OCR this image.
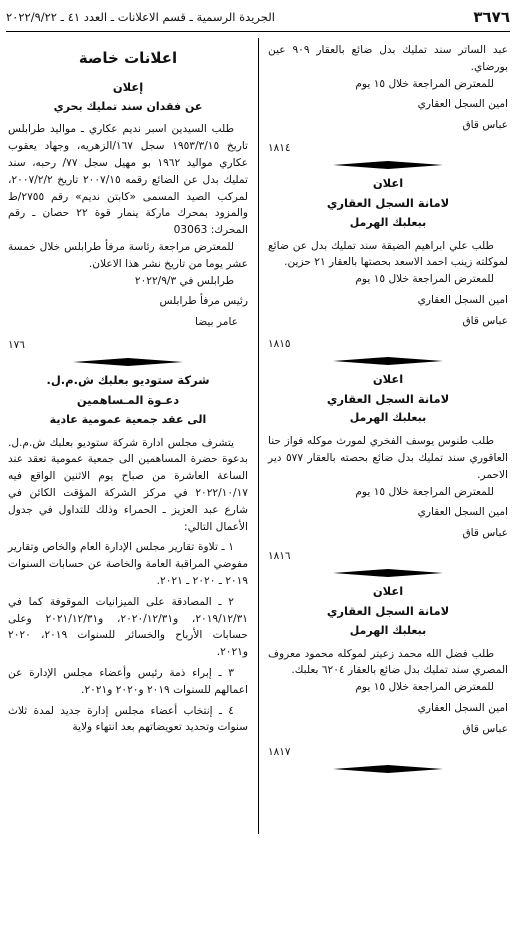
٣٦٧٦
الجريدة الرسمية ـ قسم الاعلانات ـ العدد ٤١ ـ ٢٠٢٢/٩/٢٢

عبد الساتر سند تمليك بدل ضائع بالعقار ٩٠٩ عين بورضاي.

للمعترض المراجعة خلال ١٥ يوم

امين السجل العقاري
عباس قاق
١٨١٤
اعلان
لامانة السجل العقاري
ببعلبك الهرمل

طلب علي ابراهيم الضيقة سند تمليك بدل عن ضائع لموكلته زينب احمد الاسعد بحصتها بالعقار ٢١ حزين.

للمعترض المراجعة خلال ١٥ يوم

امين السجل العقاري
عباس قاق
١٨١٥
اعلان
لامانة السجل العقاري
ببعلبك الهرمل

طلب طنوس يوسف الفخري لمورث موكله فواز حنا العاقوري سند تمليك بدل ضائع بحصته بالعقار ٥٧٧ دير الاحمر.

للمعترض المراجعة خلال ١٥ يوم

امين السجل العقاري
عباس قاق
١٨١٦
اعلان
لامانة السجل العقاري
ببعلبك الهرمل

طلب فضل الله محمد زعيتر لموكله محمود معروف المصري سند تمليك بدل ضائع بالعقار ٦٢٠٤ بعلبك.

للمعترض المراجعة خلال ١٥ يوم

امين السجل العقاري
عباس قاق
١٨١٧
اعلانات خاصة
إعلان
عن فقدان سند تمليك بحري

طلب السيدين اسبر نديم عكاري ـ مواليد طرابلس تاريخ ١٩٥٣/٣/١٥ سجل ١٦٧/الزهريه، وجهاد يعقوب عكاري مواليد ١٩٦٢ بو مهيل سجل ٧٧/ رحبه، سند تمليك بدل عن الضائع رقمه ٢٠٠٧/١٥ تاريخ ٢٠٠٧/٢/٢، لمركب الصيد المسمى «كابتن نديم» رقم ٢٧٥٥/ط والمزود بمحرك ماركة ينمار قوة ٢٢ حصان ـ رقم المحرك: 03063

للمعترض مراجعة رئاسة مرفأ طرابلس خلال خمسة عشر يوما من تاريخ نشر هذا الاعلان.

طرابلس في ٢٠٢٢/٩/٣

رئيس مرفأ طرابلس
عامر بيضا
١٧٦
شركة ستوديو بعلبك ش.م.ل.
دعـوة المـساهمين
الى عقد جمعية عمومية عادية

يتشرف مجلس ادارة شركة ستوديو بعلبك ش.م.ل. بدعوة حضرة المساهمين الى جمعية عمومية تعقد عند الساعة العاشرة من صباح يوم الاثنين الواقع فيه ٢٠٢٢/١٠/١٧ في مركز الشركة المؤقت الكائن في شارع عبد العزيز ـ الحمراء وذلك للتداول في جدول الأعمال التالي:

١ ـ تلاوة تقارير مجلس الإدارة العام والخاص وتقارير مفوضي المراقبة العامة والخاصة عن حسابات السنوات ٢٠١٩ ـ ٢٠٢٠ ـ ٢٠٢١.

٢ ـ المصادقة على الميزانيات الموقوفة كما في ٢٠١٩/١٢/٣١، و٢٠٢٠/١٢/٣١، و٢٠٢١/١٢/٣١ وعلى حسابات الأرباح والخسائر للسنوات ٢٠١٩، ٢٠٢٠ و٢٠٢١.

٣ ـ إبراء ذمة رئيس وأعضاء مجلس الإدارة عن اعمالهم للسنوات ٢٠١٩ و٢٠٢٠ و٢٠٢١.

٤ ـ إنتخاب أعضاء مجلس إدارة جديد لمدة ثلاث سنوات وتحديد تعويضاتهم بعد انتهاء ولاية
